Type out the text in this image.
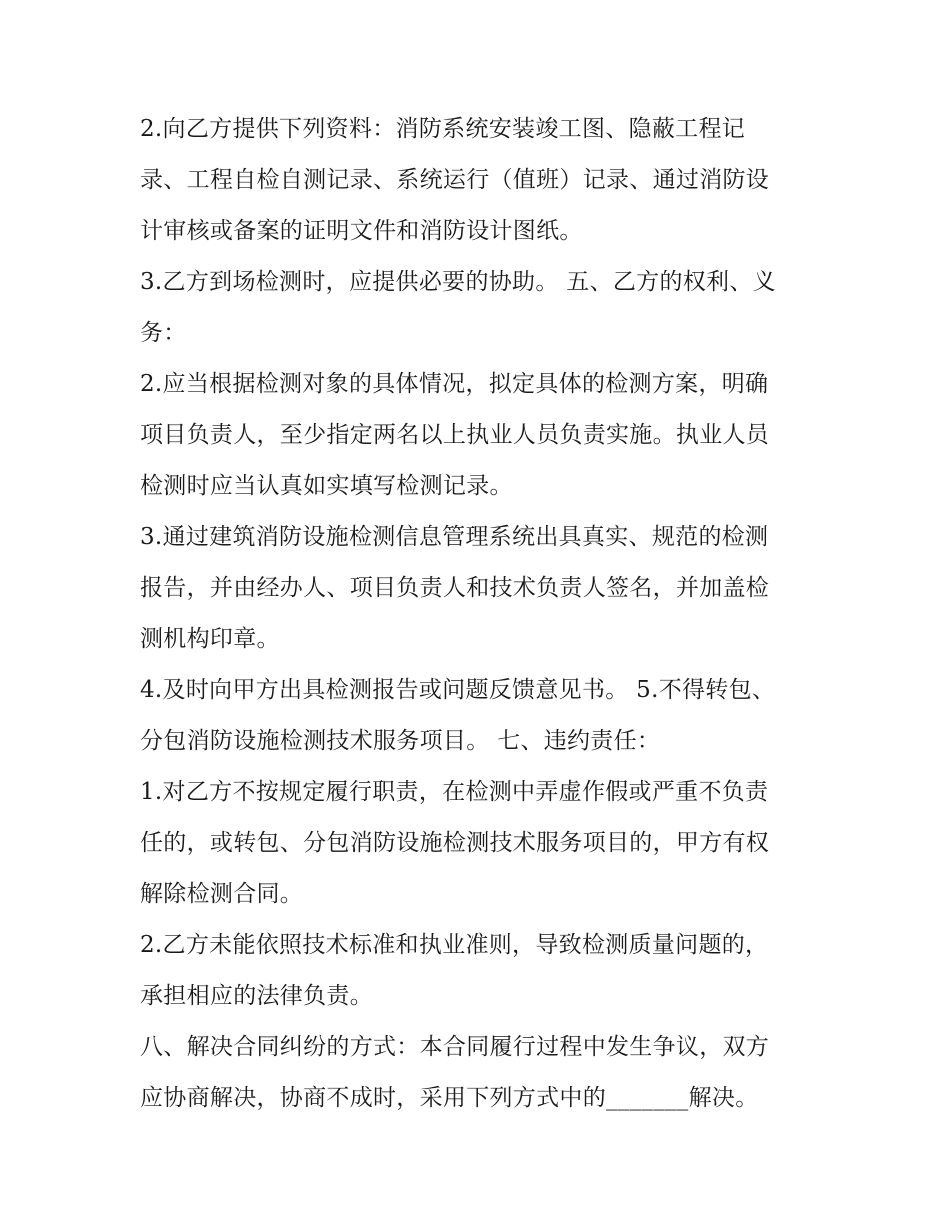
2.向乙方提供下列资料：消防系统安装竣工图、隐蔽工程记
录、工程自检自测记录、系统运行（值班）记录、通过消防设
计审核或备案的证明文件和消防设计图纸。
3.乙方到场检测时，应提供必要的协助。 五、乙方的权利、义
务：
2.应当根据检测对象的具体情况，拟定具体的检测方案，明确
项目负责人，至少指定两名以上执业人员负责实施。执业人员
检测时应当认真如实填写检测记录。
3.通过建筑消防设施检测信息管理系统出具真实、规范的检测
报告，并由经办人、项目负责人和技术负责人签名，并加盖检
测机构印章。
4.及时向甲方出具检测报告或问题反馈意见书。 5.不得转包、
分包消防设施检测技术服务项目。 七、违约责任：
1.对乙方不按规定履行职责，在检测中弄虚作假或严重不负责
任的，或转包、分包消防设施检测技术服务项目的，甲方有权
解除检测合同。
2.乙方未能依照技术标准和执业准则，导致检测质量问题的，
承担相应的法律负责。
八、解决合同纠纷的方式：本合同履行过程中发生争议，双方
应协商解决，协商不成时，采用下列方式中的_______解决。
